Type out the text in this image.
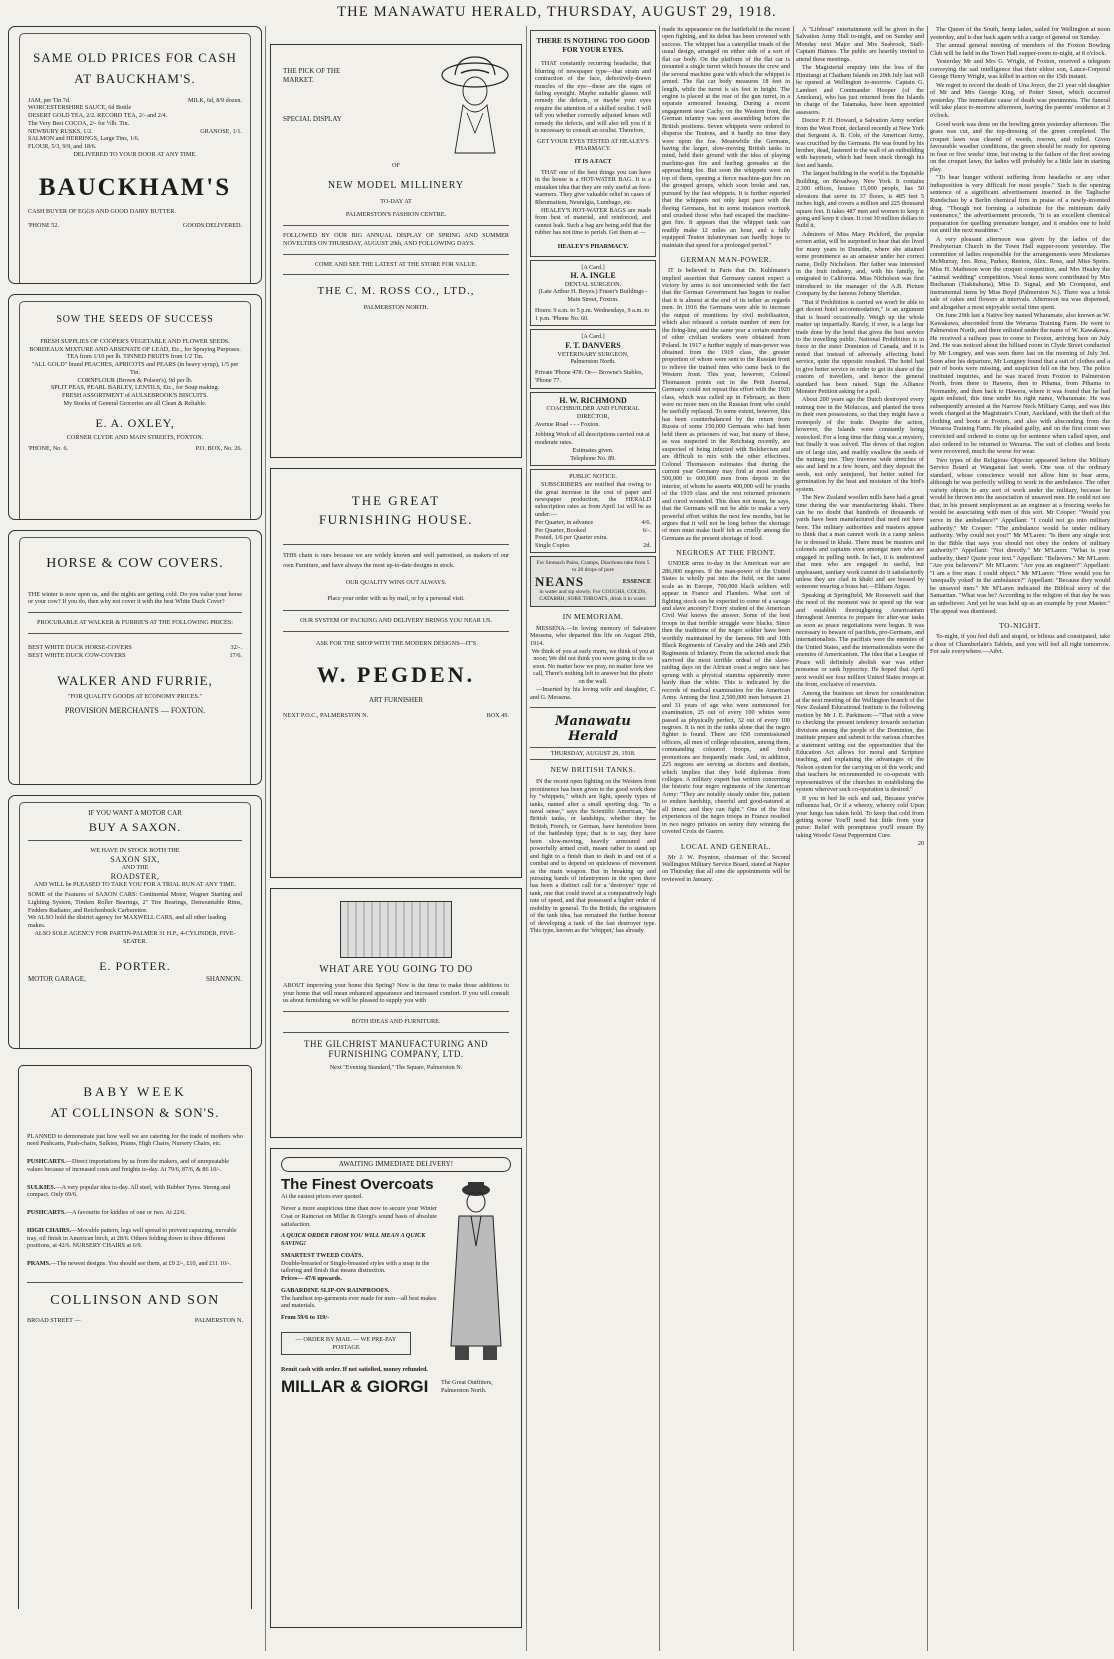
THE MANAWATU HERALD, THURSDAY, AUGUST 29, 1918.
SAME OLD PRICES FOR CASH
AT BAUCKHAM'S.
JAM, per Tin 7d.	MILK, 6d, 8/9 dozen.
WORCESTERSHIRE SAUCE, 6d Bottle
DESERT GOLD TEA, 2/2. RECORD TEA, 2/- and 2/4.
The Very Best COCOA, 2/- for ½lb. Tin.
NEWBURY RUSKS, 1/2.	GRANOSE, 1/1.
SALMON and HERRINGS, Large Tins, 1/6.
FLOUR, 5/3, 9/9, and 18/6.
DELIVERED TO YOUR DOOR AT ANY TIME.
BAUCKHAM'S
CASH BUYER OF EGGS AND GOOD DAIRY BUTTER.
'PHONE 52.	GOODS DELIVERED.
SOW THE SEEDS OF SUCCESS
FRESH SUPPLIES OF COOPER'S VEGETABLE AND FLOWER SEEDS.
BORDEAUX MIXTURE AND ARSENATE OF LEAD, Etc., for Spraying Purposes.
TEA from 1/10 per lb. TINNED FRUITS from 1/2 Tin.
"ALL GOLD" brand PEACHES, APRICOTS and PEARS (in heavy syrup), 1/5 per Tin.
CORNFLOUR (Brown & Polson's), 9d per lb.
SPLIT PEAS, PEARL BARLEY, LENTILS, Etc., for Soup making.
FRESH ASSORTMENT of AULSEBROOK'S BISCUITS.
My Stocks of General Groceries are all Clean & Reliable.
E. A. OXLEY,
CORNER CLYDE AND MAIN STREETS, FOXTON.
'PHONE, No. 6.	P.O. BOX, No. 26.
HORSE & COW COVERS.
THE winter is now upon us, and the nights are getting cold. Do you value your horse or your cow? If you do, then why not cover it with the best White Duck Cover?
PROCURABLE AT WALKER & FURRIE'S AT THE FOLLOWING PRICES:
BEST WHITE DUCK HORSE-COVERS	32/-.
BEST WHITE DUCK COW-COVERS	17/6.
WALKER AND FURRIE,
"FOR QUALITY GOODS AT ECONOMY PRICES."
PROVISION MERCHANTS — FOXTON.
IF YOU WANT A MOTOR CAR
BUY A SAXON.
WE HAVE IN STOCK BOTH THE
SAXON SIX,
AND THE
ROADSTER,
AND WILL be PLEASED TO TAKE YOU FOR A TRIAL RUN AT ANY TIME.
SOME of the Features of SAXON CARS: Continental Motor, Wagner Starting and Lighting System, Timken Roller Bearings, 2" Tire Bearings, Demountable Rims, Fedders Radiator, and Reichenbuck Carburettor.
We ALSO hold the district agency for MAXWELL CARS, and all other leading makes.
ALSO SOLE AGENCY FOR PARTIN-PALMER 31 H.P., 4-CYLINDER, FIVE-SEATER.
E. PORTER.
MOTOR GARAGE,	SHANNON.
BABY WEEK
AT COLLINSON & SON'S.
PLANNED to demonstrate just how well we are catering for the trade of mothers who need Pushcarts, Push-chairs, Sulkies, Prams, High Chairs, Nursery Chairs, etc.
PUSHCARTS.—Direct importations by us from the makers, and of unrepeatable values because of increased costs and freights to-day. At 79/6, 87/6, & 86 10/-.
SULKIES.—A very popular idea to-day. All steel, with Rubber Tyres. Strong and compact. Only 69/6.
PUSHCARTS.—A favourite for kiddies of one or two. At 22/6.
HIGH CHAIRS.—Movable pattern, legs well spread to prevent capsizing, movable tray, oil finish in American birch, at 28/6. Others folding down to three different positions, at 42/6. NURSERY CHAIRS at 6/9.
PRAMS.—The newest designs. You should see them, at £9 2/-, £10, and £11 10/-.
COLLINSON AND SON
BROAD STREET —	PALMERSTON N.
THE PICK OF THE MARKET.
SPECIAL DISPLAY
OF
NEW MODEL MILLINERY
TO-DAY AT
PALMERSTON'S FASHION CENTRE.
FOLLOWED BY OUR BIG ANNUAL DISPLAY OF SPRING AND SUMMER NOVELTIES ON THURSDAY, AUGUST 29th, AND FOLLOWING DAYS.
COME AND SEE THE LATEST AT THE STORE FOR VALUE.
THE C. M. ROSS CO., LTD.,
PALMERSTON NORTH.
THE GREAT
FURNISHING HOUSE.
THIS chain is ours because we are widely known and well patronised, as makers of our own Furniture, and have always the most up-to-date designs in stock.
OUR QUALITY WINS OUT ALWAYS.
Place your order with us by mail, or by a personal visit.
OUR SYSTEM OF PACKING AND DELIVERY BRINGS YOU NEAR US.
ASK FOR THE SHOP WITH THE MODERN DESIGNS—IT'S
W. PEGDEN.
ART FURNISHER
NEXT P.O.C., PALMERSTON N.	BOX 49.
WHAT ARE YOU GOING TO DO
ABOUT improving your home this Spring? Now is the time to make those additions to your home that will mean enhanced appearance and increased comfort. If you will consult us about furnishing we will be pleased to supply you with
BOTH IDEAS AND FURNITURE.
THE GILCHRIST MANUFACTURING AND FURNISHING COMPANY, LTD.
Next "Evening Standard," The Square, Palmerston N.
AWAITING IMMEDIATE DELIVERY!
The Finest Overcoats
At the easiest prices ever quoted.
Never a more auspicious time than now to secure your Winter Coat or Raincoat on Millar & Giorgi's sound basis of absolute satisfaction.
A QUICK ORDER FROM YOU WILL MEAN A QUICK SAVING!
SMARTEST TWEED COATS.
Double-breasted or Single-breasted styles with a snap in the tailoring and finish that means distinction.
Prices— 47/6 upwards.
GABARDINE SLIP-ON RAINPROOFS.
The handiest top-garments ever made for men—all best makes and materials.
From 59/6 to 119/-
— ORDER BY MAIL — WE PRE-PAY POSTAGE
Remit cash with order. If not satisfied, money refunded.
MILLAR & GIORGI The Great Outfitters, Palmerston North.
THERE IS NOTHING TOO GOOD FOR YOUR EYES.

THAT constantly recurring headache, that blurring of newspaper type—that strain and contraction of the face, defectively-drawn muscles of the eye—these are the signs of failing eyesight. Maybe suitable glasses will remedy the defects, or maybe your eyes require the attention of a skilled oculist. I will tell you whether correctly adjusted lenses will remedy the defects, and will also tell you if it is necessary to consult an oculist. Therefore,

GET YOUR EYES TESTED AT HEALEY'S PHARMACY.
IT IS A FACT

THAT one of the best things you can have in the house is a HOT-WATER BAG. It is a mistaken idea that they are only useful as foot-warmers. They give valuable relief in cases of Rheumatism, Neuralgia, Lumbago, etc.

HEALEY'S HOT-WATER BAGS are made from best of material, and reinforced, and cannot leak. Such a bag are being sold that the rubber has not time to perish. Get them at —

HEALEY'S PHARMACY.
[A Card.]
H. A. INGLE
DENTAL SURGEON.
(Late Arthur H. Boyes.) Fraser's Buildings - Main Street, Foxton.
Hours: 9 a.m. to 5 p.m. Wednesdays, 9 a.m. to 1 p.m. 'Phone No. 60.
[A Card.]
F. T. DANVERS
VETERINARY SURGEON,
Palmerston North.
Private 'Phone 478. Or— Browne's Stables, 'Phone 77.
H. W. RICHMOND
COACHBUILDER AND FUNERAL DIRECTOR,
Avenue Road - - - Foxton.
Jobbing Work of all descriptions carried out at moderate rates.
Estimates given.
Telephone No. 89.
PUBLIC NOTICE.

SUBSCRIBERS are notified that owing to the great increase in the cost of paper and newspaper production, the HERALD subscription rates as from April 1st will be as under:—

Per Quarter, in advance	4/6.
Per Quarter, Booked	6/-.
Posted, 1/6 per Quarter extra.
Single Copies	2d.
For Stomach Pains, Cramps, Diarrhoea take from 5 to 20 drops of pure
NEANS	ESSENCE
in water and sip slowly. For COUGHS, COLDS, CATARRH, SORE THROATS, drink it in water.
IN MEMORIAM.

MESSENA.—In loving memory of Salvatore Messena, who departed this life on August 29th, 1914.

We think of you at early morn, we think of you at noon; We did not think you were going to die so soon. No matter how we pray, no matter how we call, There's nothing left to answer but the photo on the wall.

—Inserted by his loving wife and daughter, C. and G. Messena.

Manawatu Herald
THURSDAY, AUGUST 29, 1918.
NEW BRITISH TANKS.

IN the recent open fighting on the Western front prominence has been given to the good work done by "whippets," which are light, speedy types of tanks, named after a small sporting dog. "In a naval sense," says the Scientific American, "the British tanks, or landships, whether they be British, French, or German, have heretofore been of the battleship type; that is to say, they have been slow-moving, heavily armoured and powerfully armed craft, meant rather to stand up and fight to a finish than to dash in and out of a combat and to depend on quickness of movement as the main weapon. But in breaking up and pursuing bands of infantrymen in the open there has been a distinct call for a 'destroyer' type of tank, one that could travel at a comparatively high rate of speed, and that possessed a higher order of mobility in general. To the British, the originators of the tank idea, has remained the further honour of developing a tank of the fast destroyer type. This type, known as the 'whippet,' has already

made its appearance on the battlefield in the recent open fighting, and its debut has been crowned with success. The whippet has a caterpillar treads of the usual design, arranged on either side of a sort of flat car body. On the platform of the flat car is mounted a single turret which houses the crew and the several machine guns with which the whippet is armed. The flat car body measures 18 feet in length, while the turret is six feet in height. The engine is placed at the rear of the gun turret, in a separate armoured housing. During a recent engagement near Cachy, on the Western front, the German infantry was seen assembling before the British positions. Seven whippets were ordered to disperse the Teutons, and it hardly no time they were upon the foe. Meanwhile the Germans, having the larger, slow-moving British tanks in mind, held their ground with the idea of playing machine-gun fire and hurling grenades at the approaching foe. But soon the whippets were on top of them, opening a fierce machine-gun fire on the grouped groups, which soon broke and ran, pursued by the fast whippets. It is further reported that the whippets not only kept pace with the fleeing Germans, but in some instances overtook and crushed those who had escaped the machine-gun fire. It appears that the whippet tank can readily make 12 miles an hour, and a fully equipped Teuton infantryman can hardly hope to maintain that speed for a prolonged period."

GERMAN MAN-POWER.

IT is believed in Paris that Dr. Kuhlmann's implied assertion that Germany cannot expect a victory by arms is not unconnected with the fact that the German Government has begun to realise that it is almost at the end of its tether as regards men. In 1916 the Germans were able to increase the output of munitions by civil mobilisation, which also released a certain number of men for the firing-line, and the same year a certain number of other civilian workers were obtained from Poland. In 1917 a further supply of man-power was obtained from the 1919 class, the greater proportion of whom were sent to the Russian front to relieve the trained men who came back to the Western front. This year, however, Colonel Thomasson points out in the Petit Journal, Germany could not repeat this effort with the 1920 class, which was called up in February, as there were no more men on the Russian front who could be usefully replaced. To some extent, however, this has been counterbalanced by the return from Russia of some 150,000 Germans who had been held there as prisoners of war, but many of these, as was suspected in the Reichstag recently, are suspected of being infected with Bolshevism and are difficult to mix with the other effectives. Colonel Thomasson estimates that during the current year Germany may find at most another 500,000 to 600,000 men from depots in the interior, of whom he asserts 400,000 will be youths of the 1919 class and the rest returned prisoners and cured wounded. This does not mean, he says, that the Germans will not be able to make a very powerful effort within the next few months, but he argues that it will not be long before the shortage of men must make itself felt as cruelly among the Germans as the present shortage of food.

NEGROES AT THE FRONT.

UNDER arms to-day in the American war are 286,000 negroes. If the man-power of the United States is wholly put into the field, on the same scale as in Europe, 700,000 black soldiers will appear in France and Flanders. What sort of fighting stock can be expected to come of a savage and slave ancestry? Every student of the American Civil War knows the answer. Some of the best troops in that terrible struggle were blacks. Since then the traditions of the negro soldier have been worthily maintained by the famous 9th and 10th Black Regiments of Cavalry and the 24th and 25th Regiments of Infantry. From the selected stock that survived the most terrible ordeal of the slave-raiding days on the African coast a negro race has sprung with a physical stamina apparently more hardy than the white. This is indicated by the records of medical examination for the American Army. Among the first 2,500,000 men between 21 and 31 years of age who were summoned for examination, 25 out of every 100 whites were passed as physically perfect, 32 out of every 100 negroes. It is not in the ranks alone that the negro fighter is found. There are 650 commissioned officers, all men of college education, among them, commanding coloured troops, and fresh promotions are frequently made. And, in addition, 225 negroes are serving as doctors and dentists, which implies that they hold diplomas from colleges. A military expert has written concerning the historic four negro regiments of the American Army: "They are notably steady under fire, patient to endure hardship, cheerful and good-natured at all times; and they can fight." One of the first experiences of the negro troops in France resulted in two negro privates on sentry duty winning the coveted Croix de Guerre.

LOCAL AND GENERAL.

Mr J. W. Poynton, chairman of the Second Wellington Military Service Board, stated at Napier on Thursday that all sine die appointments will be reviewed in January.

A "Lifeboat" entertainment will be given in the Salvation Army Hall to-night, and on Sunday and Monday next Major and Mrs Seabrook, Staff-Captain Haimes. The public are heartily invited to attend these meetings.

The Magisterial enquiry into the loss of the Himitangi at Chatham Islands on 29th July last will be opened at Wellington to-morrow. Captain G. Lambert and Commander Hooper (of the Amokura), who has just returned from the Islands in charge of the Tatamaka, have been appointed assessors.

Doctor P. H. Howard, a Salvation Army worker from the West Front, declared recently at New York that Sergeant A. B. Cole, of the American Army, was crucified by the Germans. He was found by his brother, dead, fastened to the wall of an outbuilding with bayonets, which had been stuck through his feet and hands.

The largest building in the world is the Equitable Building, on Broadway, New York. It contains 2,300 offices, houses 15,000 people, has 50 elevators that serve its 37 floors, is 485 feet 5 inches high, and covers a million and 225 thousand square feet. It takes 487 men and women to keep it going and keep it clean. It cost 30 million dollars to build it.

Admirers of Miss Mary Pickford, the popular screen artist, will be surprised to hear that she lived for many years in Dunedin, where she attained some prominence as an amateur under her correct name, Dolly Nicholson. Her father was interested in the fruit industry, and, with his family, he emigrated to California. Miss Nicholson was first introduced to the manager of the A.B. Picture Company by the famous Johnny Sheridan.

"But if Prohibition is carried we won't be able to get decent hotel accommodation," is an argument that is heard occasionally. Weigh up the whole matter up impartially. Rarely, if ever, is a large bar trade done by the hotel that gives the best service to the travelling public. National Prohibition is in force in the sister Dominion of Canada, and it is noted that instead of adversely affecting hotel service, quite the opposite resulted. The hotel had to give better service in order to get its share of the custom of travellers, and hence the general standard has been raised. Sign the Alliance Monster Petition asking for a poll.

About 200 years ago the Dutch destroyed every nutmeg tree in the Moluccas, and planted the trees in their own possessions, so that they might have a monopoly of the trade. Despite the action, however, the Islands were constantly being restocked. For a long time the thing was a mystery, but finally it was solved. The doves of that region are of large size, and readily swallow the seeds of the nutmeg tree. They traverse wide stretches of sea and land in a few hours, and they deposit the seeds, not only uninjured, but better suited for germination by the heat and moisture of the bird's system.

The New Zealand woollen mills have had a great time during the war manufacturing khaki. There can be no doubt that hundreds of thousands of yards have been manufactured that need not have been. The military authorities and masters appear to think that a man cannot work in a camp unless he is dressed in khaki. There must be musters and colonels and captains even amongst men who are engaged in pulling teeth. In fact, it is understood that men who are engaged in useful, but unpleasant, sanitary work cannot do it satisfactorily unless they are clad in khaki and are bossed by someone wearing a brass hat.—Eltham Argus.

Speaking at Springfield, Mr Roosevelt said that the need of the moment was to speed up the war and establish thoroughgoing Americanism throughout America to prepare for after-war tasks as soon as peace negotiations were begun. It was necessary to beware of pacifists, pro-Germans, and internationalists. The pacifists were the enemies of the United States, and the internationalists were the enemies of Americanism. The idea that a League of Peace will definitely abolish war was either nonsense or rank hypocrisy. He hoped that April next would see four million United States troops at the front, exclusive of reservists.

Among the business set down for consideration at the next meeting of the Wellington branch of the New Zealand Educational Institute is the following motion by Mr J. E. Parkinson:—"That with a view to checking the present tendency towards sectarian divisions among the people of the Dominion, the institute prepare and submit to the various churches a statement setting out the opportunities that the Education Act allows for moral and Scripture teaching, and explaining the advantages of the Nelson system for the carrying on of this work; and that teachers be recommended to co-operate with representatives of the churches in establishing the system wherever such co-operation is desired."

If you in bed lie sick and sad, Because you've influenza bad, Or if a wheezy, wheezy cold Upon your lungs has taken hold. To keep that cold from getting worse You'll need but little from your purse: Relief with promptness you'll ensure By taking Woods' Great Peppermint Cure.

20

The Queen of the South, hemp laden, sailed for Wellington at noon yesterday, and is due back again with a cargo of general on Sunday.

The annual general meeting of members of the Foxton Bowling Club will be held in the Town Hall supper-room to-night, at 8 o'clock.

Yesterday Mr and Mrs G. Wright, of Foxton, received a telegram conveying the sad intelligence that their eldest son, Lance-Corporal George Henry Wright, was killed in action on the 15th instant.

We regret to record the death of Una Joyce, the 21 year old daughter of Mr and Mrs George King, of Potter Street, which occurred yesterday. The immediate cause of death was pneumonia. The funeral will take place to-morrow afternoon, leaving the parents' residence at 3 o'clock.

Good work was done on the bowling green yesterday afternoon. The grass was cut, and the top-dressing of the green completed. The croquet lawn was cleared of weeds, resown, and rolled. Given favourable weather conditions, the green should be ready for opening in four or five weeks' time, but owing to the failure of the first sowing on the croquet lawn, the ladies will probably be a little late in starting play.

"To bear hunger without suffering from headache or any other indisposition is very difficult for most people." Such is the opening sentence of a significant advertisement inserted in the Taglische Rundschau by a Berlin chemical firm in praise of a newly-invented drug. "Though not forming a substitute for the minimum daily sustenance," the advertisement proceeds, "it is an excellent chemical preparation for quelling premature hunger, and it enables one to hold out until the next mealtime."

A very pleasant afternoon was given by the ladies of the Presbyterian Church in the Town Hall supper-room yesterday. The committee of ladies responsible for the arrangements were Mesdames McMurray, Jno. Ross, Parkes, Renton, Alex. Ross, and Miss Speirs. Miss H. Matheson won the croquet competition, and Mrs Healey the "animal wedding" competition. Vocal items were contributed by Mrs Buchanan (Tiakitahuna), Miss D. Signal, and Mr Cronquest, and instrumental items by Miss Boyd (Palmerston N.). There was a brisk sale of cakes and flowers at intervals. Afternoon tea was dispensed, and altogether a most enjoyable social time spent.

On June 29th last a Native boy named Wharamate, also known as W. Kawakawa, absconded from the Weraroa Training Farm. He went to Palmerston North, and there enlisted under the name of W. Kawakawa. He received a railway pass to come to Foxton, arriving here on July 2nd. He was noticed about the billiard room in Clyde Street conducted by Mr Longney, and was seen there last on the morning of July 3rd. Soon after his departure, Mr Longney found that a suit of clothes and a pair of boots were missing, and suspicion fell on the boy. The police instituted inquiries, and he was traced from Foxton to Palmerston North, from there to Hawera, then to Pihama, from Pihama to Normanby, and then back to Hawera, where it was found that he had again enlisted, this time under his right name, Wharamate. He was subsequently arrested at the Narrow Neck Military Camp, and was this week charged at the Magistrate's Court, Auckland, with the theft of the clothing and boots at Foxton, and also with absconding from the Weraroa Training Farm. He pleaded guilty, and on the first count was convicted and ordered to come up for sentence when called upon, and also ordered to be returned to Weraroa. The suit of clothes and boots were recovered, much the worse for wear.

Two types of the Religious Objector appeared before the Military Service Board at Wanganui last week. One was of the ordinary standard, whose conscience would not allow him to bear arms, although he was perfectly willing to work in the ambulance. The other variety objects to any sort of work under the military, because he would be thrown into the association of unsaved men. He could not see that, in his present employment as an engineer at a freezing works he would be associating with men of this sort. Mr Cooper: "Would you serve in the ambulance?" Appellant: "I could not go into military authority." Mr Cooper: "The ambulance would be under military authority. Why could not you?" Mr M'Laren: "Is there any single text in the Bible that says you should not obey the orders of military authority?" Appellant: "Not directly." Mr M'Laren: "What is your authority, then? Quote your text." Appellant: "Believers." Mr M'Laren: "Are you believers?" Mr M'Laren: "Are you an engineer?" Appellant: "I am a free man. I could object." Mr M'Laren: "How would you be 'unequally yoked' in the ambulance?" Appellant: "Because they would be unsaved men." Mr M'Laren indicated the Biblical story of the Samaritan. "What was he? According to the religion of that day he was an unbeliever. And yet he was held up as an example by your Master." The appeal was dismissed.

TO-NIGHT.

To-night, if you feel dull and stupid, or bilious and constipated, take a dose of Chamberlain's Tablets, and you will feel all right tomorrow. For sale everywhere.—Advt.
